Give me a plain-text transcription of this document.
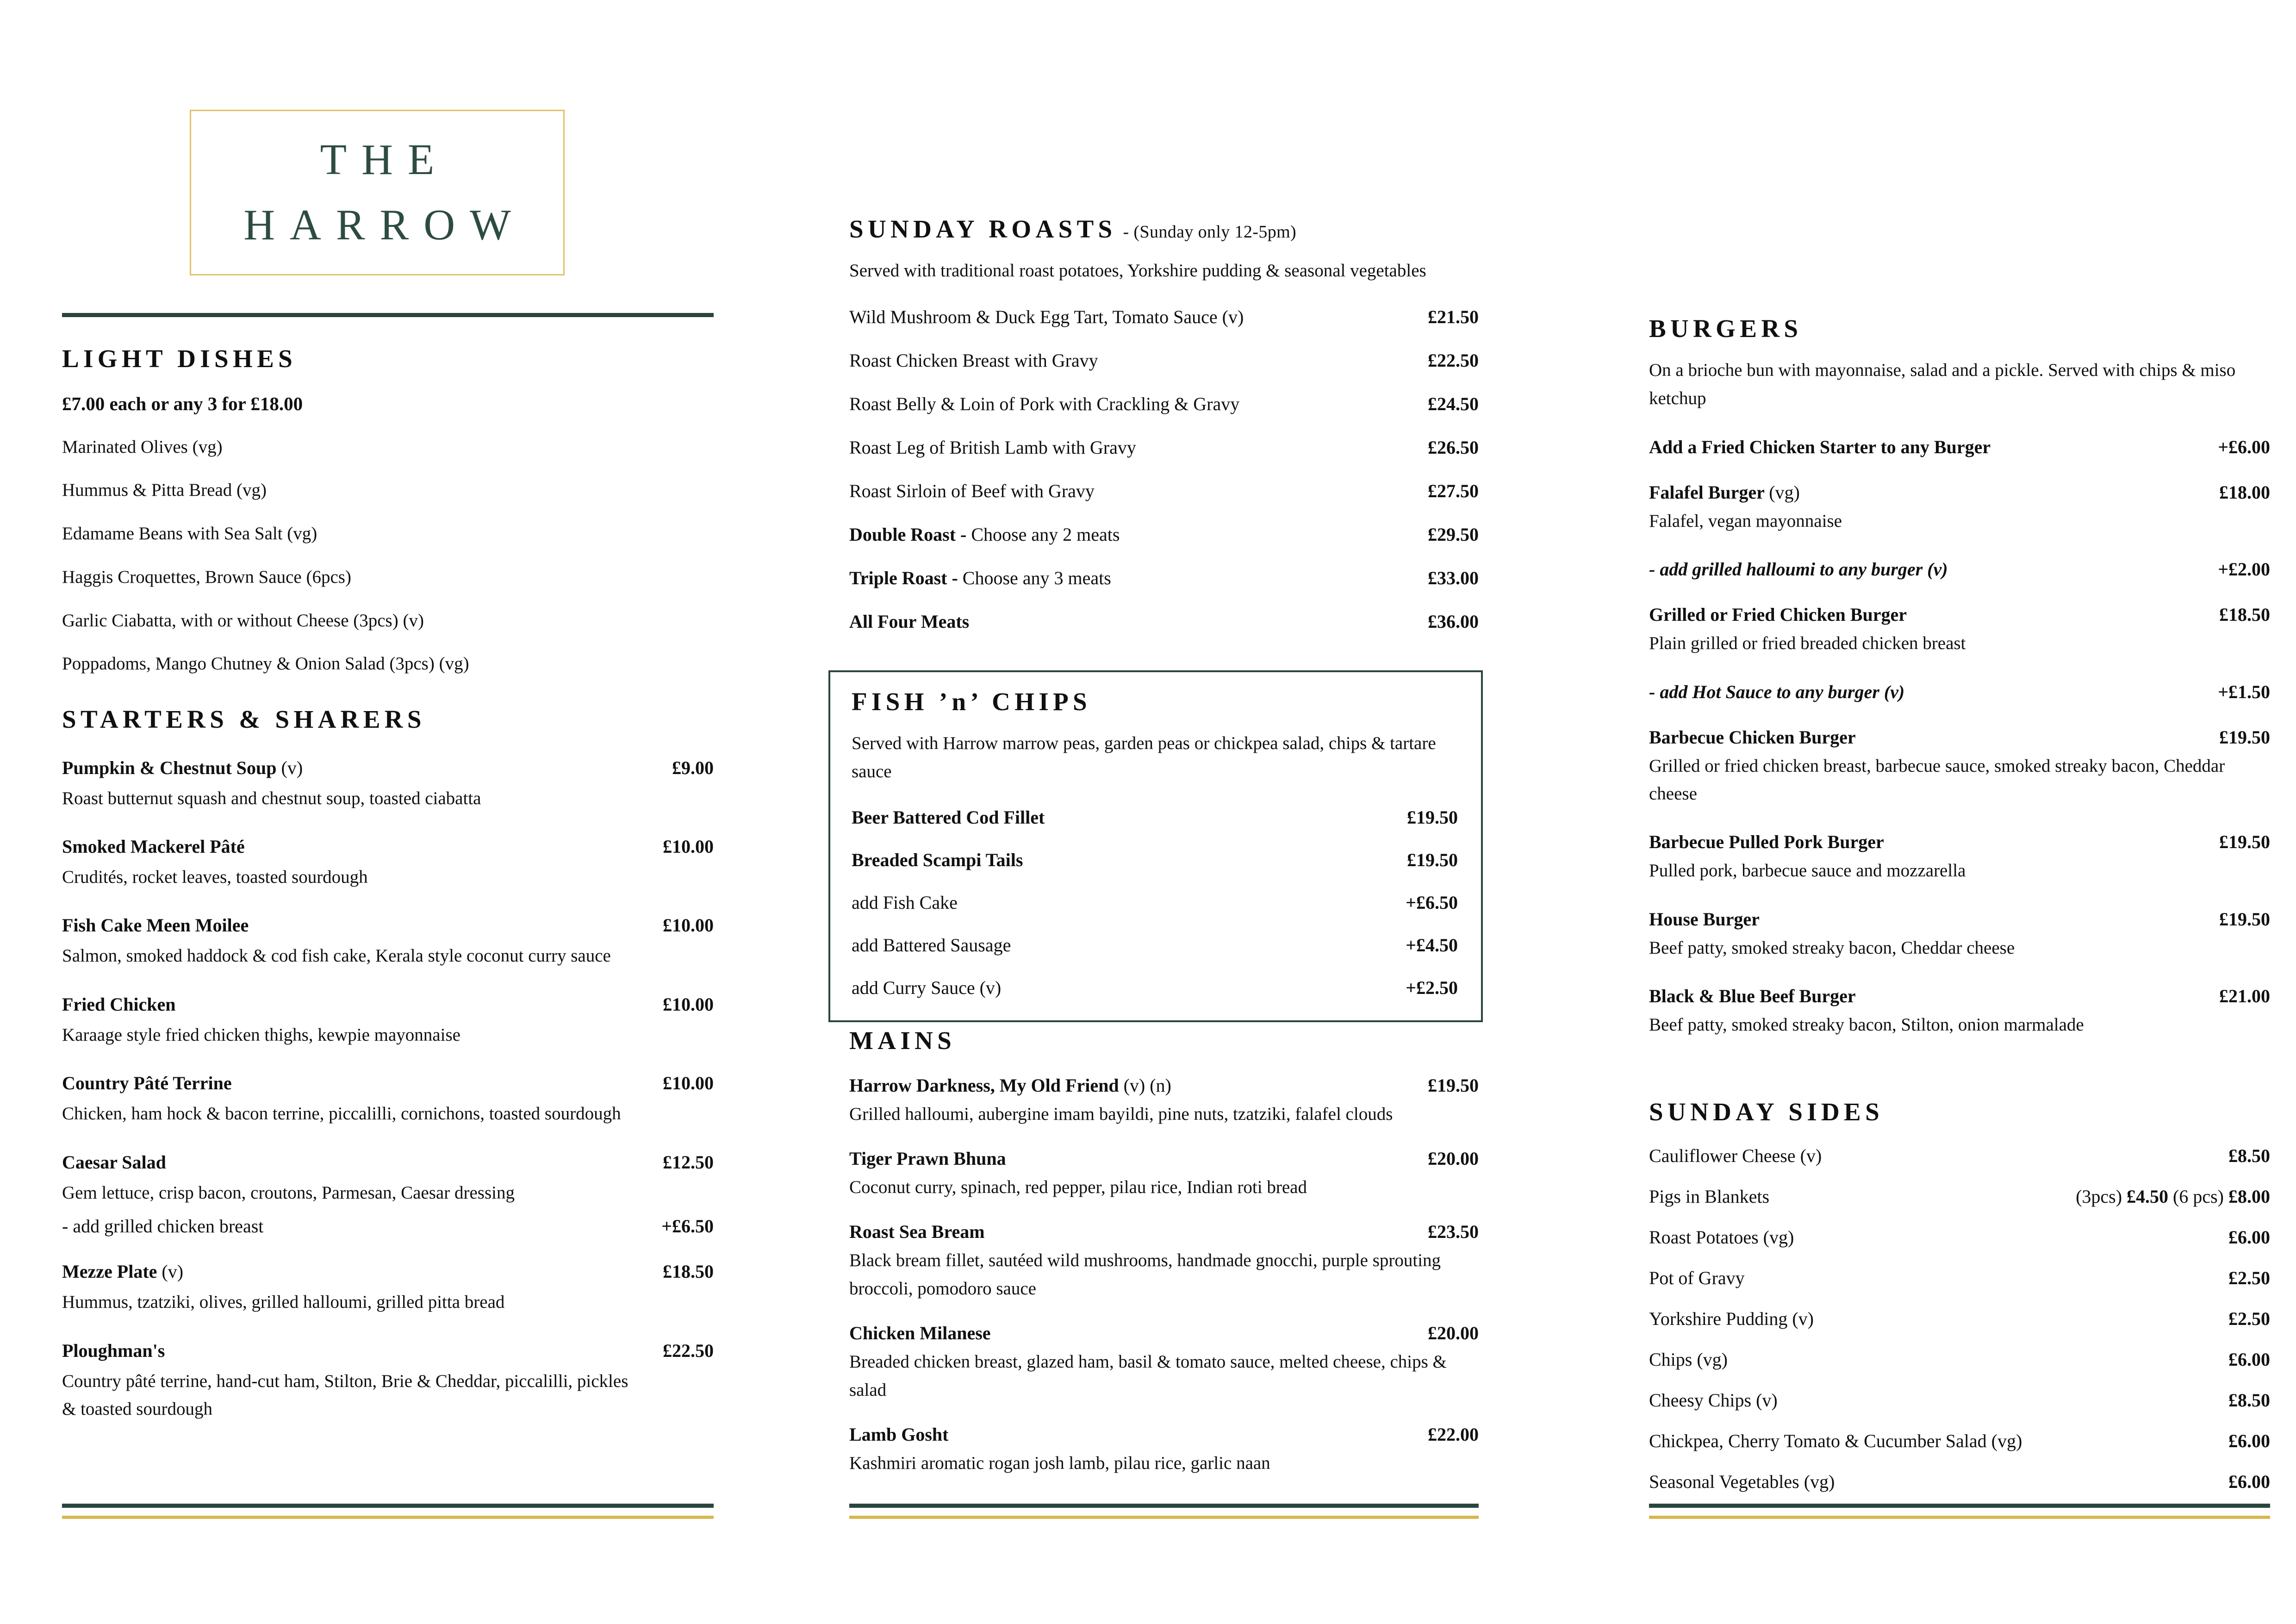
THE
HARROW
LIGHT DISHES
£7.00 each or any 3 for £18.00
Marinated Olives (vg)
Hummus & Pitta Bread (vg)
Edamame Beans with Sea Salt (vg)
Haggis Croquettes, Brown Sauce (6pcs)
Garlic Ciabatta, with or without Cheese (3pcs) (v)
Poppadoms, Mango Chutney & Onion Salad (3pcs) (vg)
STARTERS & SHARERS
Pumpkin & Chestnut Soup (v)	£9.00
Roast butternut squash and chestnut soup, toasted ciabatta
Smoked Mackerel Pâté	£10.00
Crudités, rocket leaves, toasted sourdough
Fish Cake Meen Moilee	£10.00
Salmon, smoked haddock & cod fish cake, Kerala style coconut curry sauce
Fried Chicken	£10.00
Karaage style fried chicken thighs, kewpie mayonnaise
Country Pâté Terrine	£10.00
Chicken, ham hock & bacon terrine, piccalilli, cornichons, toasted sourdough
Caesar Salad	£12.50
Gem lettuce, crisp bacon, croutons, Parmesan, Caesar dressing
- add grilled chicken breast	+£6.50
Mezze Plate (v)	£18.50
Hummus, tzatziki, olives, grilled halloumi, grilled pitta bread
Ploughman's	£22.50
Country pâté terrine, hand-cut ham, Stilton, Brie & Cheddar, piccalilli, pickles & toasted sourdough
SUNDAY ROASTS - (Sunday only 12-5pm)
Served with traditional roast potatoes, Yorkshire pudding & seasonal vegetables
Wild Mushroom & Duck Egg Tart, Tomato Sauce (v)	£21.50
Roast Chicken Breast with Gravy	£22.50
Roast Belly & Loin of Pork with Crackling & Gravy	£24.50
Roast Leg of British Lamb with Gravy	£26.50
Roast Sirloin of Beef with Gravy	£27.50
Double Roast - Choose any 2 meats	£29.50
Triple Roast - Choose any 3 meats	£33.00
All Four Meats	£36.00
FISH ’n’ CHIPS
Served with Harrow marrow peas, garden peas or chickpea salad, chips & tartare sauce
Beer Battered Cod Fillet	£19.50
Breaded Scampi Tails	£19.50
add Fish Cake	+£6.50
add Battered Sausage	+£4.50
add Curry Sauce (v)	+£2.50
MAINS
Harrow Darkness, My Old Friend (v) (n)	£19.50
Grilled halloumi, aubergine imam bayildi, pine nuts, tzatziki, falafel clouds
Tiger Prawn Bhuna	£20.00
Coconut curry, spinach, red pepper, pilau rice, Indian roti bread
Roast Sea Bream	£23.50
Black bream fillet, sautéed wild mushrooms, handmade gnocchi, purple sprouting broccoli, pomodoro sauce
Chicken Milanese	£20.00
Breaded chicken breast, glazed ham, basil & tomato sauce, melted cheese, chips & salad
Lamb Gosht	£22.00
Kashmiri aromatic rogan josh lamb, pilau rice, garlic naan
BURGERS
On a brioche bun with mayonnaise, salad and a pickle. Served with chips & miso ketchup
Add a Fried Chicken Starter to any Burger	+£6.00
Falafel Burger (vg)	£18.00
Falafel, vegan mayonnaise
- add grilled halloumi to any burger (v)	+£2.00
Grilled or Fried Chicken Burger	£18.50
Plain grilled or fried breaded chicken breast
- add Hot Sauce to any burger (v)	+£1.50
Barbecue Chicken Burger	£19.50
Grilled or fried chicken breast, barbecue sauce, smoked streaky bacon, Cheddar cheese
Barbecue Pulled Pork Burger	£19.50
Pulled pork, barbecue sauce and mozzarella
House Burger	£19.50
Beef patty, smoked streaky bacon, Cheddar cheese
Black & Blue Beef Burger	£21.00
Beef patty, smoked streaky bacon, Stilton, onion marmalade
SUNDAY SIDES
Cauliflower Cheese (v)	£8.50
Pigs in Blankets	(3pcs) £4.50 (6 pcs) £8.00
Roast Potatoes (vg)	£6.00
Pot of Gravy	£2.50
Yorkshire Pudding (v)	£2.50
Chips (vg)	£6.00
Cheesy Chips (v)	£8.50
Chickpea, Cherry Tomato & Cucumber Salad (vg)	£6.00
Seasonal Vegetables (vg)	£6.00
